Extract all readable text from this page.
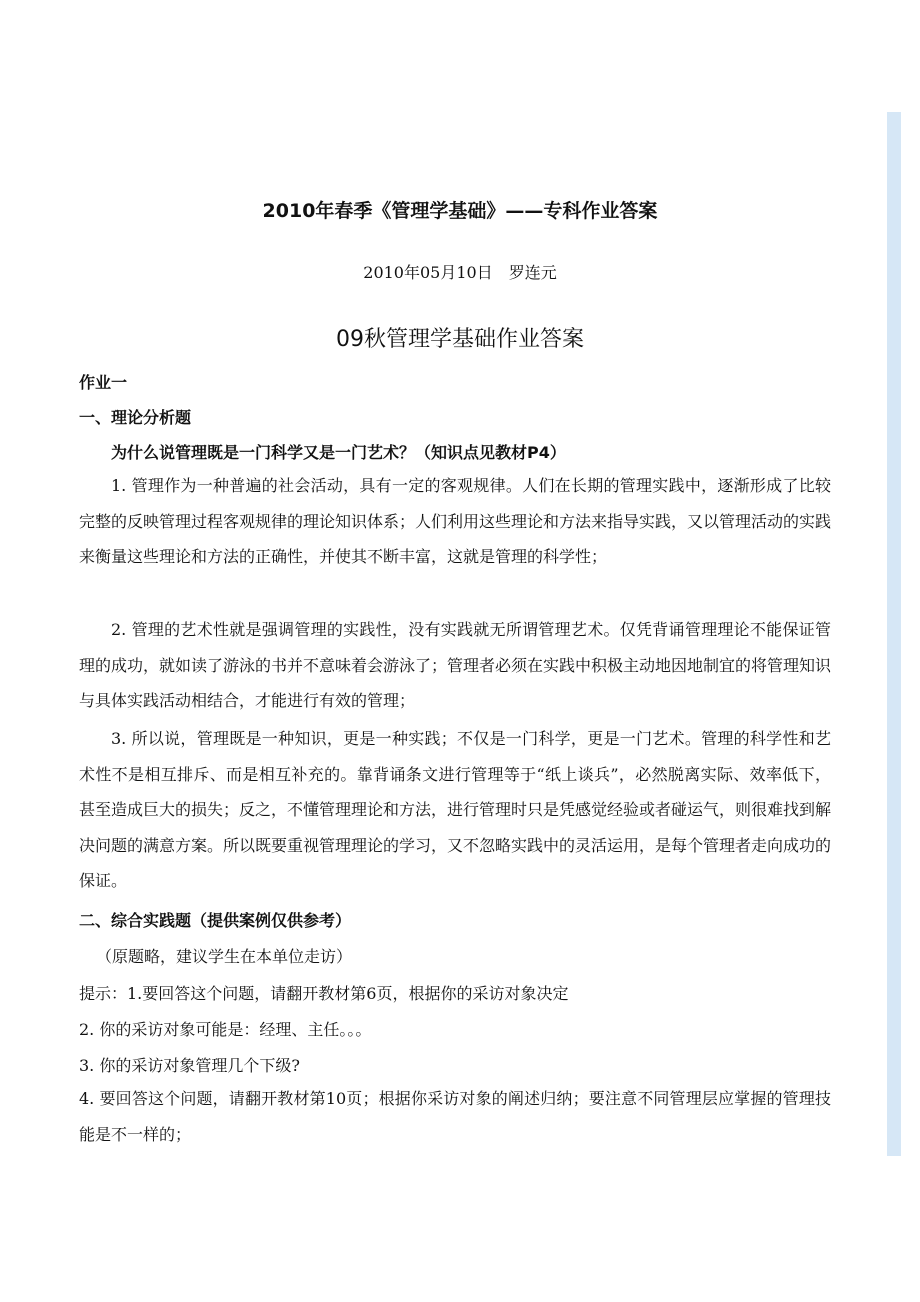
2010年春季《管理学基础》——专科作业答案
2010年05月10日　罗连元
09秋管理学基础作业答案
作业一
一、理论分析题
为什么说管理既是一门科学又是一门艺术？（知识点见教材P4）
1. 管理作为一种普遍的社会活动，具有一定的客观规律。人们在长期的管理实践中，逐渐形成了比较完整的反映管理过程客观规律的理论知识体系；人们利用这些理论和方法来指导实践，又以管理活动的实践来衡量这些理论和方法的正确性，并使其不断丰富，这就是管理的科学性；
2. 管理的艺术性就是强调管理的实践性，没有实践就无所谓管理艺术。仅凭背诵管理理论不能保证管理的成功，就如读了游泳的书并不意味着会游泳了；管理者必须在实践中积极主动地因地制宜的将管理知识与具体实践活动相结合，才能进行有效的管理；
3. 所以说，管理既是一种知识，更是一种实践；不仅是一门科学，更是一门艺术。管理的科学性和艺术性不是相互排斥、而是相互补充的。靠背诵条文进行管理等于“纸上谈兵”，必然脱离实际、效率低下，甚至造成巨大的损失；反之，不懂管理理论和方法，进行管理时只是凭感觉经验或者碰运气，则很难找到解决问题的满意方案。所以既要重视管理理论的学习，又不忽略实践中的灵活运用，是每个管理者走向成功的保证。
二、综合实践题（提供案例仅供参考）
（原题略，建议学生在本单位走访）
提示：1.要回答这个问题，请翻开教材第6页，根据你的采访对象决定
2. 你的采访对象可能是：经理、主任。。。
3. 你的采访对象管理几个下级?
4. 要回答这个问题，请翻开教材第10页；根据你采访对象的阐述归纳；要注意不同管理层应掌握的管理技能是不一样的；
